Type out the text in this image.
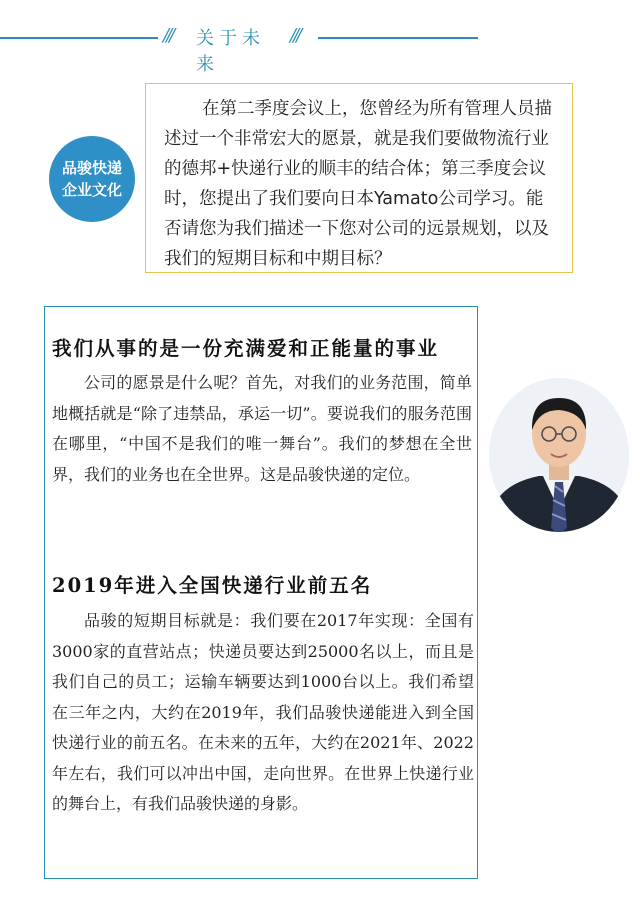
/// 关于未来
///
品骏快递
企业文化
在第二季度会议上，您曾经为所有管理人员描述过一个非常宏大的愿景，就是我们要做物流行业的德邦+快递行业的顺丰的结合体；第三季度会议时，您提出了我们要向日本Yamato公司学习。能否请您为我们描述一下您对公司的远景规划，以及我们的短期目标和中期目标？
我们从事的是一份充满爱和正能量的事业
公司的愿景是什么呢？首先，对我们的业务范围，简单地概括就是“除了违禁品，承运一切”。要说我们的服务范围在哪里，“中国不是我们的唯一舞台”。我们的梦想在全世界，我们的业务也在全世界。这是品骏快递的定位。
2019年进入全国快递行业前五名
品骏的短期目标就是：我们要在2017年实现：全国有3000家的直营站点；快递员要达到25000名以上，而且是我们自己的员工；运输车辆要达到1000台以上。我们希望在三年之内，大约在2019年，我们品骏快递能进入到全国快递行业的前五名。在未来的五年，大约在2021年、2022年左右，我们可以冲出中国，走向世界。在世界上快递行业的舞台上，有我们品骏快递的身影。
